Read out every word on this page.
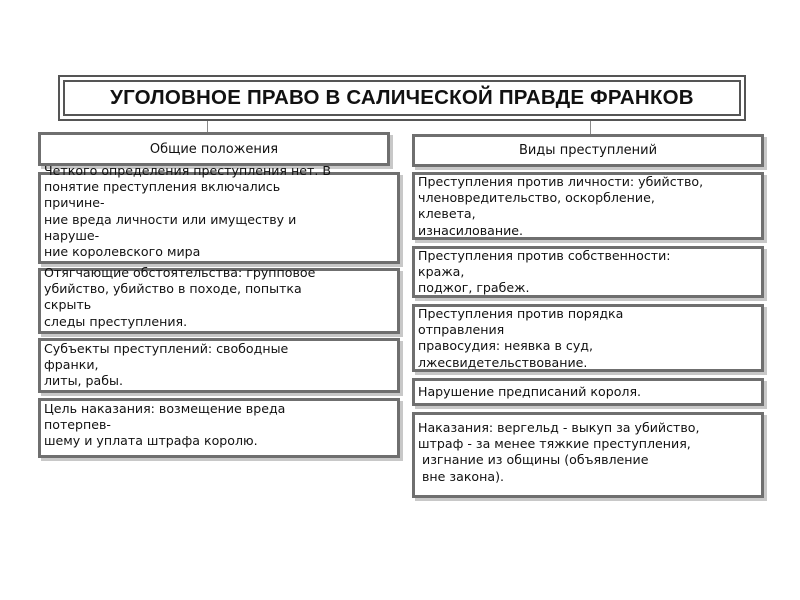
УГОЛОВНОЕ ПРАВО В САЛИЧЕСКОЙ ПРАВДЕ ФРАНКОВ
Общие положения	Виды преступлений
Четкого определения преступления нет. В
понятие преступления включались
причине-
ние вреда личности или имуществу и
наруше-
ние королевского мира
Отягчающие обстоятельства: групповое
убийство, убийство в походе, попытка
скрыть
следы преступления.
Субъекты преступлений: свободные
франки,
литы, рабы.
Цель наказания: возмещение вреда
потерпев-
шему и уплата штрафа королю.
Преступления против личности: убийство,
членовредительство, оскорбление,
клевета,
изнасилование.
Преступления против собственности:
кража,
поджог, грабеж.
Преступления против порядка
отправления
правосудия: неявка в суд,
лжесвидетельствование.
Нарушение предписаний короля.
Наказания: вергельд - выкуп за убийство,
штраф - за менее тяжкие преступления,
изгнание из общины (объявление
вне закона).
